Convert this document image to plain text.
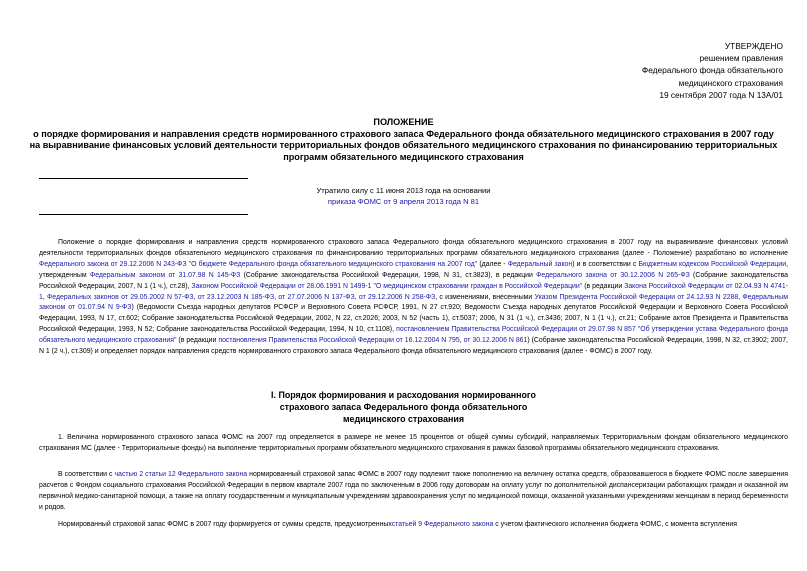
УТВЕРЖДЕНО
решением правления
Федерального фонда обязательного
медицинского страхования
19 сентября 2007 года N 13А/01
ПОЛОЖЕНИЕ
о порядке формирования и направления средств нормированного страхового запаса Федерального фонда обязательного медицинского страхования в 2007 году
на выравнивание финансовых условий деятельности территориальных фондов обязательного медицинского страхования по финансированию территориальных
программ обязательного медицинского страхования
Утратило силу с 11 июня 2013 года на основании
приказа ФОМС от 9 апреля 2013 года N 81
Положение о порядке формирования и направления средств нормированного страхового запаса Федерального фонда обязательного медицинского страхования в 2007 году на выравнивание финансовых условий деятельности территориальных фондов обязательного медицинского страхования по финансированию территориальных программ обязательного медицинского страхования (далее - Положение) разработано во исполнение Федерального закона от 29.12.2006 N 243-ФЗ "О бюджете Федерального фонда обязательного медицинского страхования на 2007 год" (далее - Федеральный закон) и в соответствии с Бюджетным кодексом Российской Федерации, утвержденным Федеральным законом от 31.07.98 N 145-ФЗ (Собрание законодательства Российской Федерации, 1998, N 31, ст.3823), в редакции Федерального закона от 30.12.2006 N 265-ФЗ (Собрание законодательства Российской Федерации, 2007, N 1 (1 ч.), ст.28), Законом Российской Федерации от 28.06.1991 N 1499-1 "О медицинском страховании граждан в Российской Федерации" (в редакции Закона Российской Федерации от 02.04.93 N 4741-1, Федеральных законов от 29.05.2002 N 57-ФЗ, от 23.12.2003 N 185-ФЗ, от 27.07.2006 N 137-ФЗ, от 29.12.2006 N 258-ФЗ, с изменениями, внесенными Указом Президента Российской Федерации от 24.12.93 N 2288, Федеральным законом от 01.07.94 N 9-ФЗ) (Ведомости Съезда народных депутатов РСФСР и Верховного Совета РСФСР, 1991, N 27 ст.920; Ведомости Съезда народных депутатов Российской Федерации и Верховного Совета Российской Федерации, 1993, N 17, ст.602; Собрание законодательства Российской Федерации, 2002, N 22, ст.2026; 2003, N 52 (часть 1), ст.5037; 2006, N 31 (1 ч.), ст.3436; 2007, N 1 (1 ч.), ст.21; Собрание актов Президента и Правительства Российской Федерации, 1993, N 52; Собрание законодательства Российской Федерации, 1994, N 10, ст.1108), постановлением Правительства Российской Федерации от 29.07.98 N 857 "Об утверждении устава Федерального фонда обязательного медицинского страхования" (в редакции постановления Правительства Российской Федерации от 16.12.2004 N 795, от 30.12.2006 N 861) (Собрание законодательства Российской Федерации, 1998, N 32, ст.3902; 2007, N 1 (2 ч.), ст.309) и определяет порядок направления средств нормированного страхового запаса Федерального фонда обязательного медицинского страхования (далее - ФОМС) в 2007 году.
I. Порядок формирования и расходования нормированного
страхового запаса Федерального фонда обязательного
медицинского страхования
1. Величина нормированного страхового запаса ФОМС на 2007 год определяется в размере не менее 15 процентов от общей суммы субсидий, направляемых Территориальным фондам обязательного медицинского страхования МС (далее - Территориальные фонды) на выполнение территориальных программ обязательного медицинского страхования в рамках базовой программы обязательного медицинского страхования.
В соответствии с частью 2 статьи 12 Федерального закона нормированный страховой запас ФОМС в 2007 году подлежит также пополнению на величину остатка средств, образовавшегося в бюджете ФОМС после завершения расчетов с Фондом социального страхования Российской Федерации в первом квартале 2007 года по заключенным в 2006 году договорам на оплату услуг по дополнительной диспансеризации работающих граждан и оказанной им первичной медико-санитарной помощи, а также на оплату государственным и муниципальным учреждениям здравоохранения услуг по медицинской помощи, оказанной указанными учреждениями женщинам в период беременности и родов.
Нормированный страховой запас ФОМС в 2007 году формируется от суммы средств, предусмотренныхстатьей 9 Федерального закона с учетом фактического исполнения бюджета ФОМС, с момента вступления
